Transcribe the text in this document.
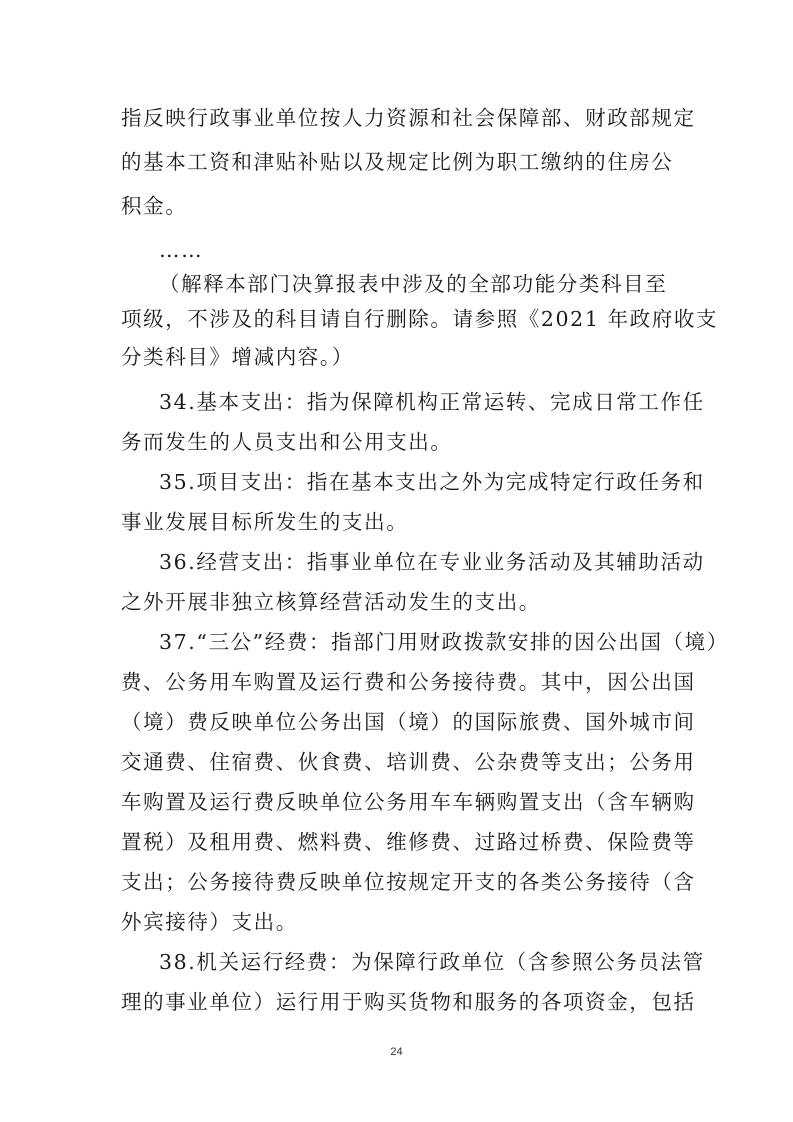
指反映行政事业单位按人力资源和社会保障部、财政部规定
的基本工资和津贴补贴以及规定比例为职工缴纳的住房公
积金。
……
（解释本部门决算报表中涉及的全部功能分类科目至
项级，不涉及的科目请自行删除。请参照《2021 年政府收支
分类科目》增减内容。）
34.基本支出：指为保障机构正常运转、完成日常工作任
务而发生的人员支出和公用支出。
35.项目支出：指在基本支出之外为完成特定行政任务和
事业发展目标所发生的支出。
36.经营支出：指事业单位在专业业务活动及其辅助活动
之外开展非独立核算经营活动发生的支出。
37.“三公”经费：指部门用财政拨款安排的因公出国（境）
费、公务用车购置及运行费和公务接待费。其中，因公出国
（境）费反映单位公务出国（境）的国际旅费、国外城市间
交通费、住宿费、伙食费、培训费、公杂费等支出；公务用
车购置及运行费反映单位公务用车车辆购置支出（含车辆购
置税）及租用费、燃料费、维修费、过路过桥费、保险费等
支出；公务接待费反映单位按规定开支的各类公务接待（含
外宾接待）支出。
38.机关运行经费：为保障行政单位（含参照公务员法管
理的事业单位）运行用于购买货物和服务的各项资金，包括
24
